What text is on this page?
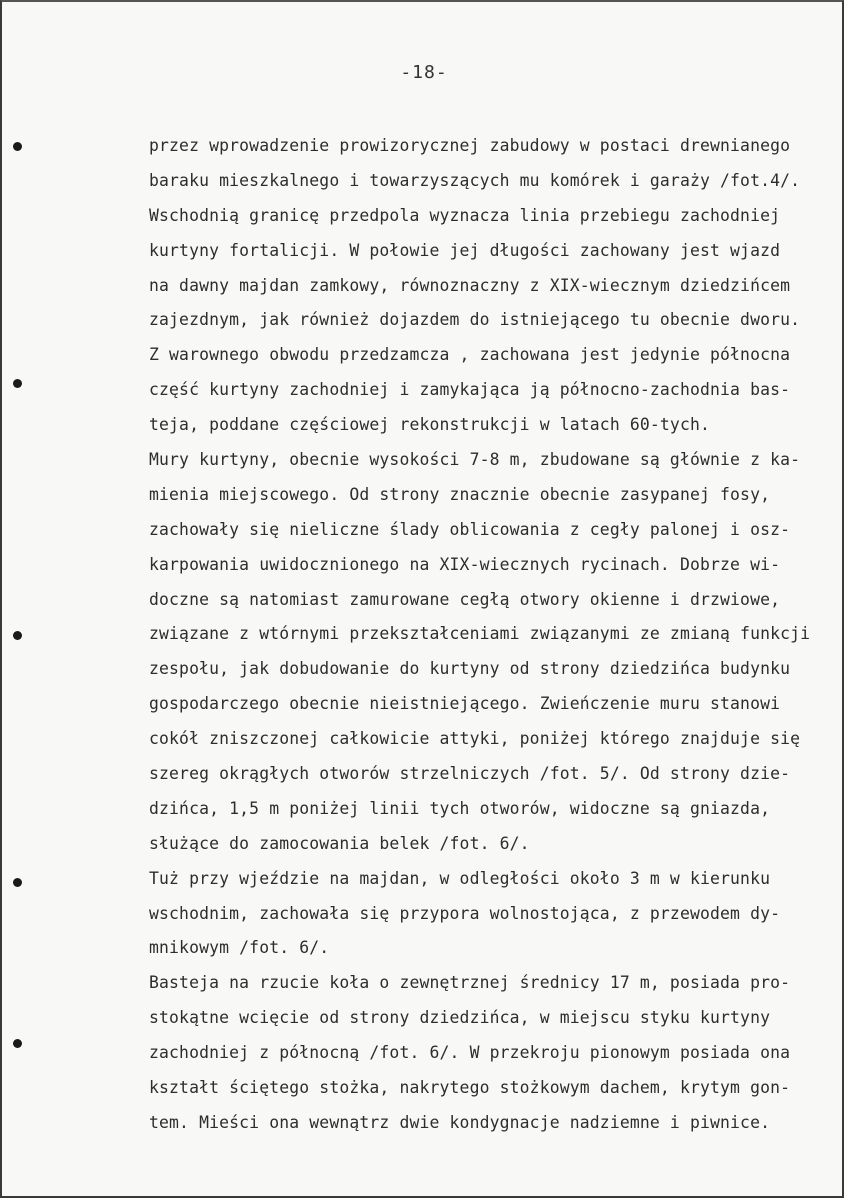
-18-
przez wprowadzenie prowizorycznej zabudowy w postaci drewnianego
baraku mieszkalnego i towarzyszących mu komórek i garaży /fot.4/.
Wschodnią granicę przedpola wyznacza linia przebiegu zachodniej
kurtyny fortalicji. W połowie jej długości zachowany jest wjazd
na dawny majdan zamkowy, równoznaczny z XIX-wiecznym dziedzińcem
zajezdnym, jak również dojazdem do istniejącego tu obecnie dworu.
Z warownego obwodu przedzamcza , zachowana jest jedynie północna
część kurtyny zachodniej i zamykająca ją północno-zachodnia bas-
teja, poddane częściowej rekonstrukcji w latach 60-tych.
Mury kurtyny, obecnie wysokości 7-8 m, zbudowane są głównie z ka-
mienia miejscowego. Od strony znacznie obecnie zasypanej fosy,
zachowały się nieliczne ślady oblicowania z cegły palonej i osz-
karpowania uwidocznionego na XIX-wiecznych rycinach. Dobrze wi-
doczne są natomiast zamurowane cegłą otwory okienne i drzwiowe,
związane z wtórnymi przekształceniami związanymi ze zmianą funkcji
zespołu, jak dobudowanie do kurtyny od strony dziedzińca budynku
gospodarczego obecnie nieistniejącego. Zwieńczenie muru stanowi
cokół zniszczonej całkowicie attyki, poniżej którego znajduje się
szereg okrągłych otworów strzelniczych /fot. 5/. Od strony dzie-
dzińca, 1,5 m poniżej linii tych otworów, widoczne są gniazda,
służące do zamocowania belek /fot. 6/.
Tuż przy wjeździe na majdan, w odległości około 3 m w kierunku
wschodnim, zachowała się przypora wolnostojąca, z przewodem dy-
mnikowym /fot. 6/.
Basteja na rzucie koła o zewnętrznej średnicy 17 m, posiada pro-
stokątne wcięcie od strony dziedzińca, w miejscu styku kurtyny
zachodniej z północną /fot. 6/. W przekroju pionowym posiada ona
kształt ściętego stożka, nakrytego stożkowym dachem, krytym gon-
tem. Mieści ona wewnątrz dwie kondygnacje nadziemne i piwnice.
